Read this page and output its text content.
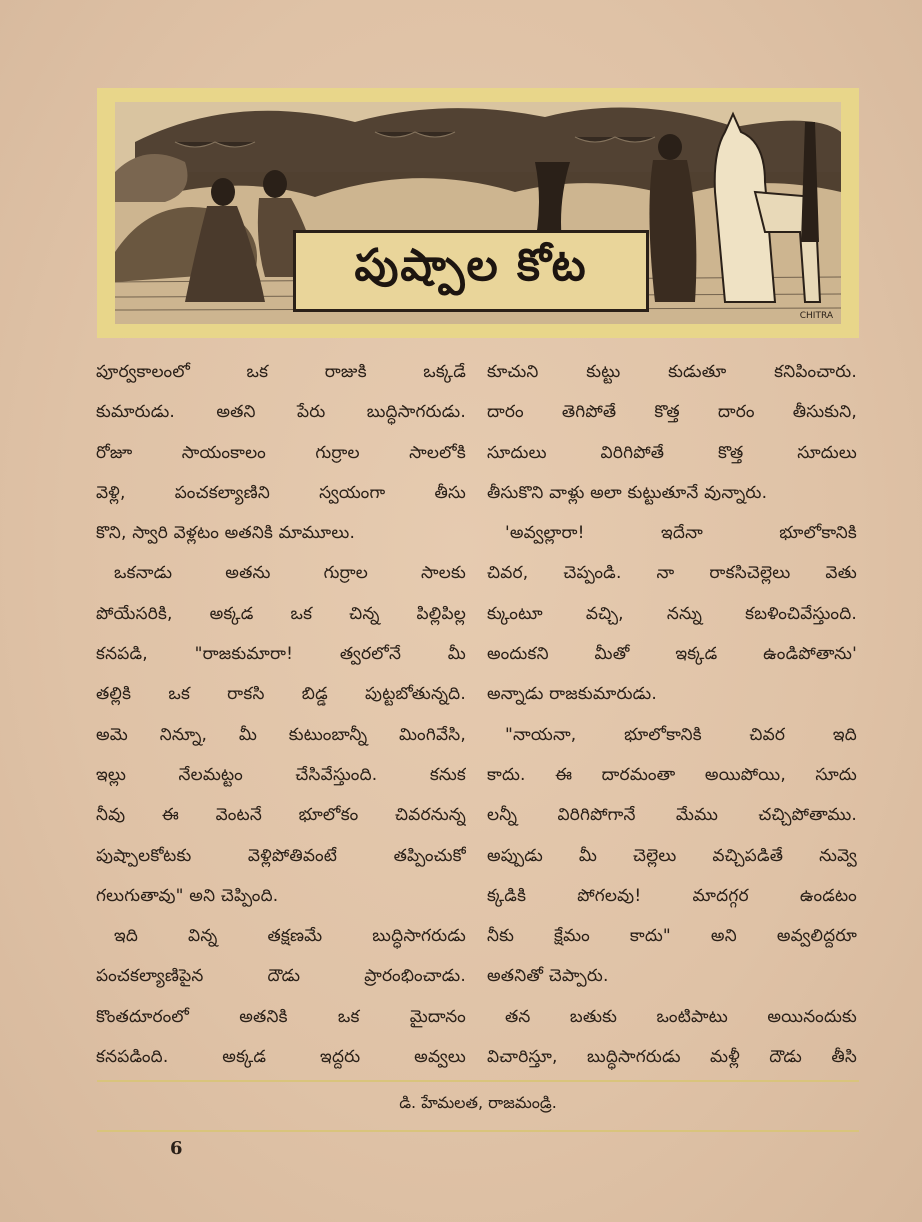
CHITRA
పుష్పాల కోట
పూర్వకాలంలో ఒక రాజుకి ఒక్కడే
కుమారుడు. అతని పేరు బుద్ధిసాగరుడు.
రోజూ సాయంకాలం గుర్రాల సాలలోకి
వెళ్లి, పంచకల్యాణిని స్వయంగా తీసు
కొని, స్వారి వెళ్లటం అతనికి మామూలు.
ఒకనాడు అతను గుర్రాల సాలకు
పోయేసరికి, అక్కడ ఒక చిన్న పిల్లిపిల్ల
కనపడి, "రాజకుమారా! త్వరలోనే మీ
తల్లికి ఒక రాకసి బిడ్డ పుట్టబోతున్నది.
అమె నిన్నూ, మీ కుటుంబాన్నీ మింగివేసి,
ఇల్లు నేలమట్టం చేసివేస్తుంది. కనుక
నీవు ఈ వెంటనే భూలోకం చివరనున్న
పుష్పాలకోటకు వెళ్లిపోతివంటే తప్పించుకో
గలుగుతావు" అని చెప్పింది.
ఇది విన్న తక్షణమే బుద్ధిసాగరుడు
పంచకల్యాణిపైన దౌడు ప్రారంభించాడు.
కొంతదూరంలో అతనికి ఒక మైదానం
కనపడింది. అక్కడ ఇద్దరు అవ్వలు
కూచుని కుట్టు కుడుతూ కనిపించారు.
దారం తెగిపోతే కొత్త దారం తీసుకుని,
సూదులు విరిగిపోతే కొత్త సూదులు
తీసుకొని వాళ్లు అలా కుట్టుతూనే వున్నారు.
'అవ్వల్లారా! ఇదేనా భూలోకానికి
చివర, చెప్పండి. నా రాకసిచెల్లెలు వెతు
క్కుంటూ వచ్చి, నన్ను కబళించివేస్తుంది.
అందుకని మీతో ఇక్కడ ఉండిపోతాను'
అన్నాడు రాజకుమారుడు.
"నాయనా, భూలోకానికి చివర ఇది
కాదు. ఈ దారమంతా అయిపోయి, సూదు
లన్నీ విరిగిపోగానే మేము చచ్చిపోతాము.
అప్పుడు మీ చెల్లెలు వచ్చిపడితే నువ్వె
క్కడికి పోగలవు! మాదగ్గర ఉండటం
నీకు క్షేమం కాదు" అని అవ్వలిద్దరూ
అతనితో చెప్పారు.
తన బతుకు ఒంటిపాటు అయినందుకు
విచారిస్తూ, బుద్ధిసాగరుడు మళ్లీ దౌడు తీసి
డి. హేమలత, రాజమండ్రి.
6
